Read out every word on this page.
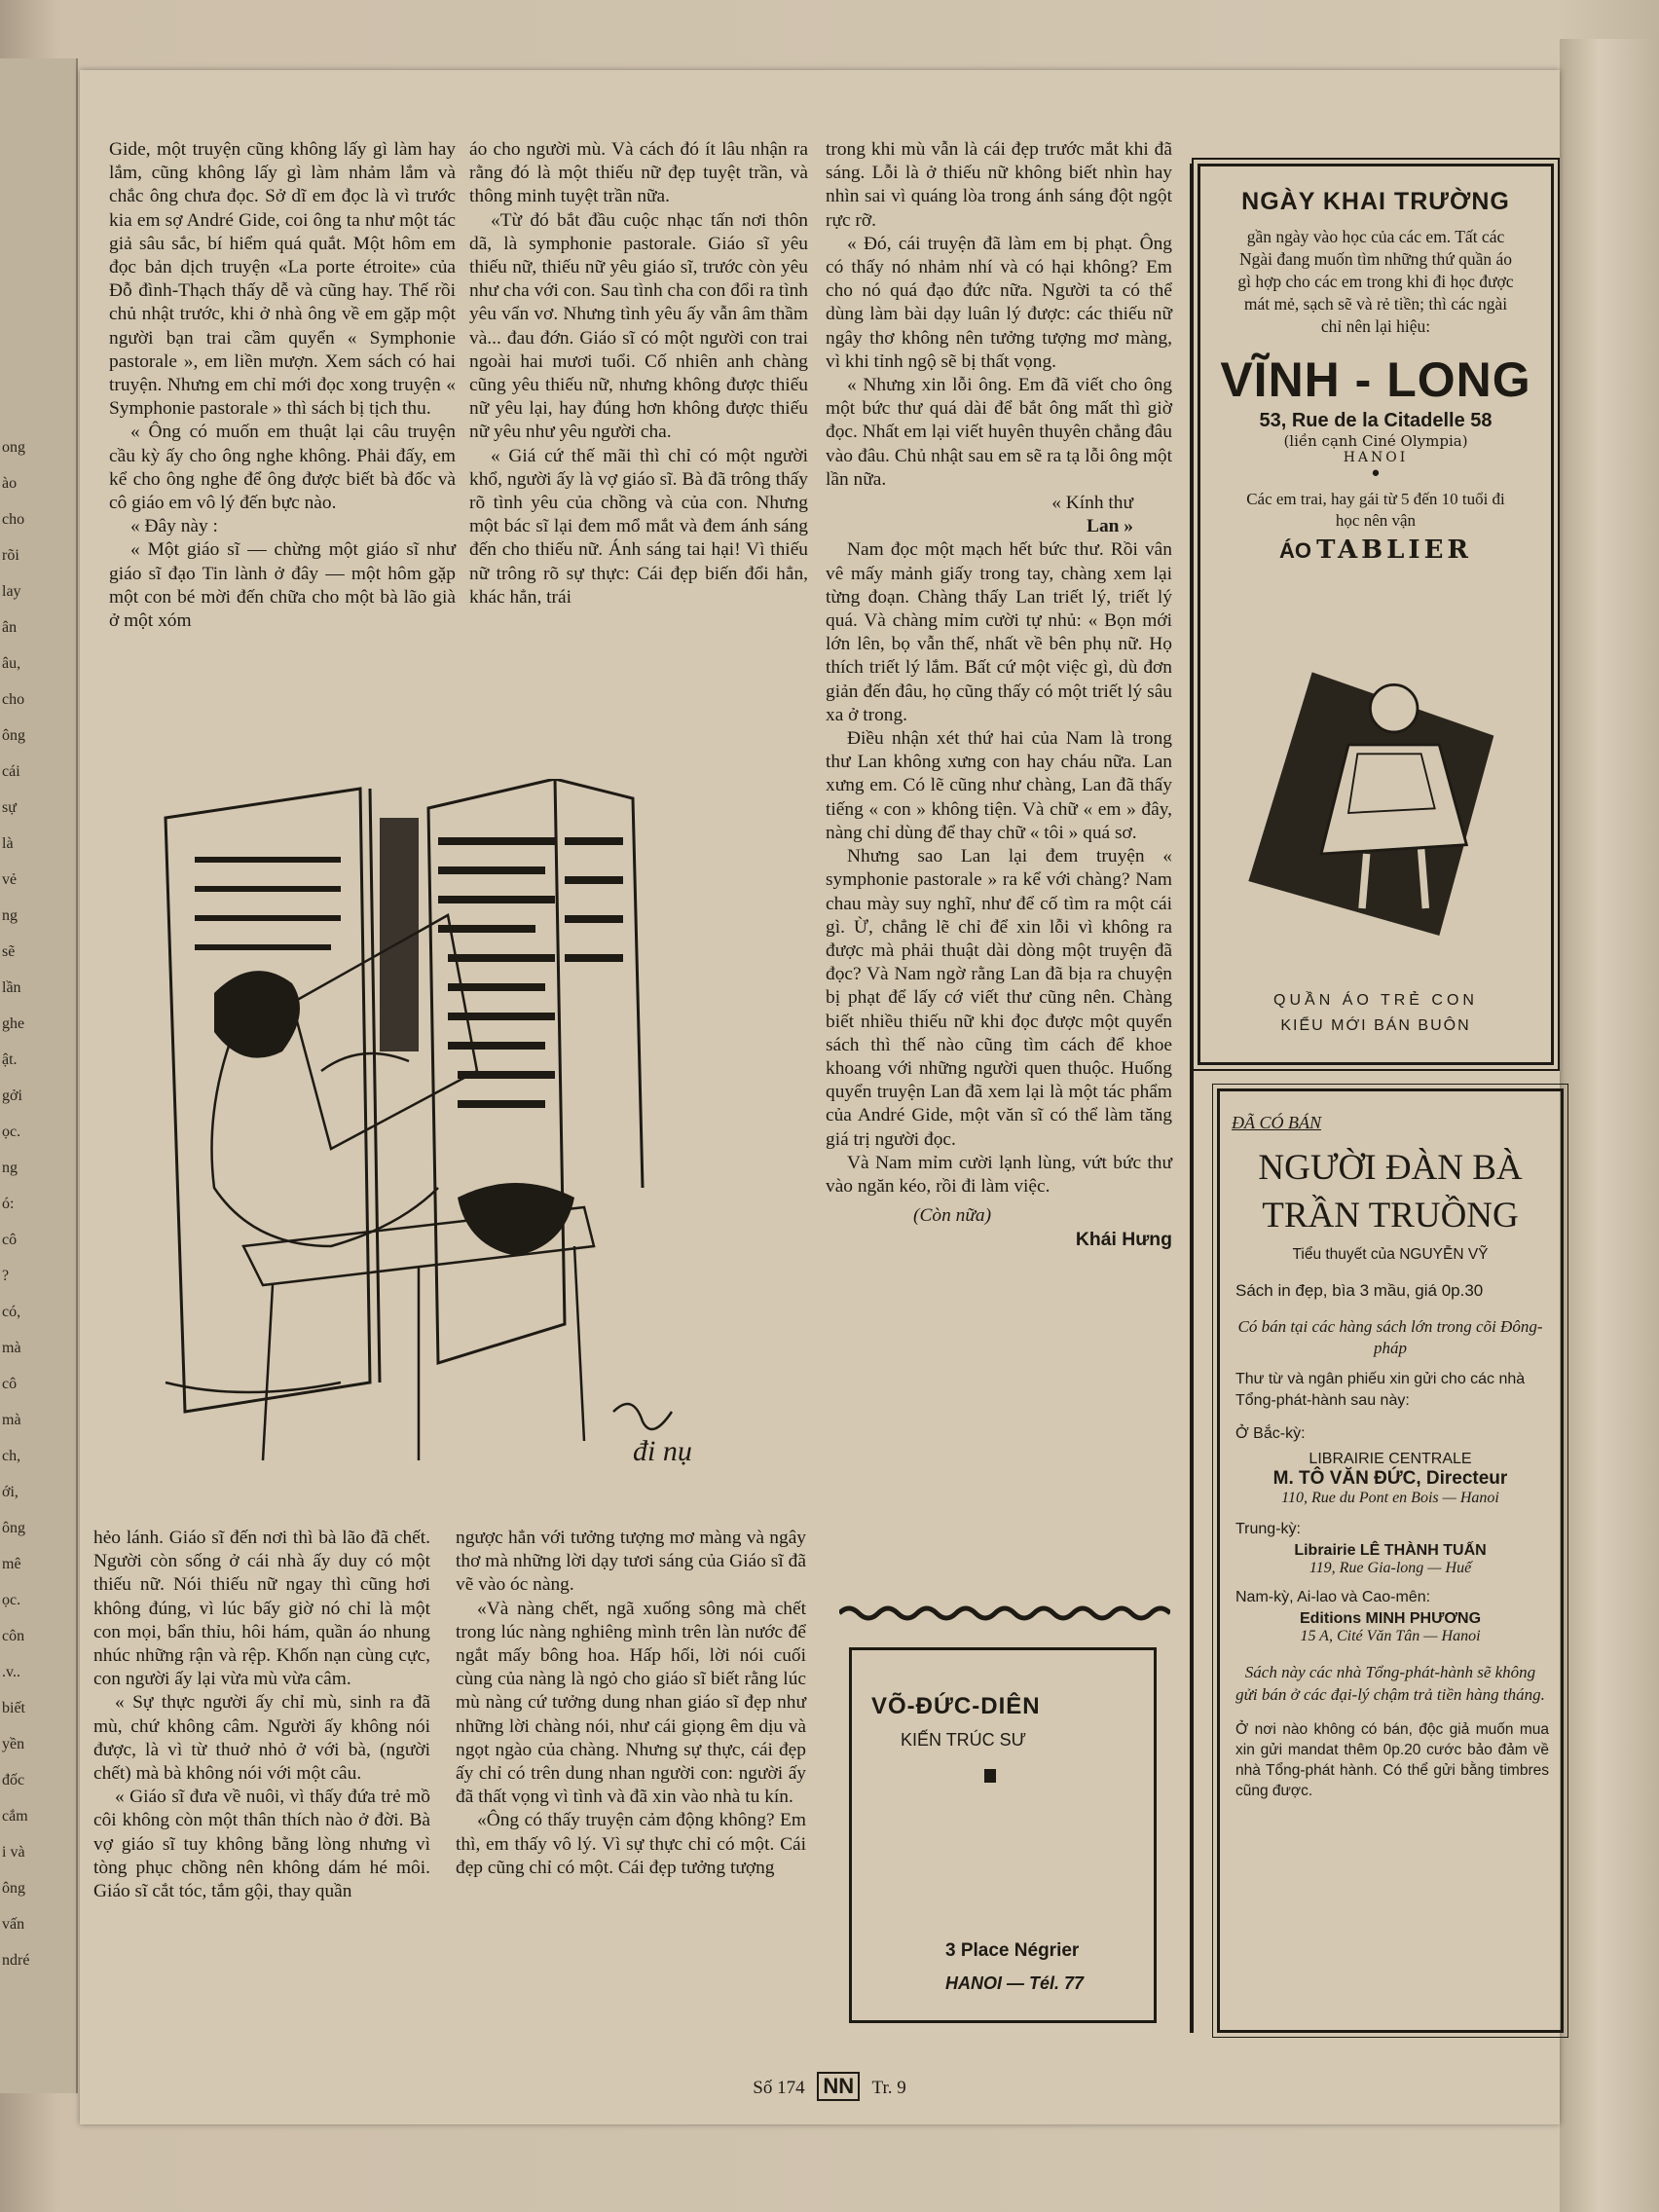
ong
ào
cho
rõi
lay
ân
âu,
cho
ông
cái
sự
là
vẻ
ng
sẽ
lần
ghe
ật.
gởi
ọc.
ng
ó:
cô
?
có,
mà
cô
mà
ch,
ới,
ông
mê
ọc.
côn
.v..
biết
yền
đốc
cắm
i và
ông
vấn
ndré

Gide, một truyện cũng không lấy gì làm hay lắm, cũng không lấy gì làm nhảm lắm và chắc ông chưa đọc. Sở dĩ em đọc là vì trước kia em sợ André Gide, coi ông ta như một tác giả sâu sắc, bí hiểm quá quắt. Một hôm em đọc bản dịch truyện «La porte étroite» của Đỗ đình-Thạch thấy dễ và cũng hay. Thế rồi chủ nhật trước, khi ở nhà ông về em gặp một người bạn trai cầm quyển « Symphonie pastorale », em liền mượn. Xem sách có hai truyện. Nhưng em chỉ mới đọc xong truyện « Symphonie pastorale » thì sách bị tịch thu.

« Ông có muốn em thuật lại câu truyện cầu kỳ ấy cho ông nghe không. Phải đấy, em kể cho ông nghe để ông được biết bà đốc và cô giáo em vô lý đến bực nào.

« Đây này :

« Một giáo sĩ — chừng một giáo sĩ như giáo sĩ đạo Tin lành ở đây — một hôm gặp một con bé mời đến chữa cho một bà lão già ở một xóm

áo cho người mù. Và cách đó ít lâu nhận ra rằng đó là một thiếu nữ đẹp tuyệt trần, và thông minh tuyệt trần nữa.

«Từ đó bắt đầu cuộc nhạc tấn nơi thôn dã, là symphonie pastorale. Giáo sĩ yêu thiếu nữ, thiếu nữ yêu giáo sĩ, trước còn yêu như cha với con. Sau tình cha con đổi ra tình yêu vẩn vơ. Nhưng tình yêu ấy vẫn âm thầm và... đau đớn. Giáo sĩ có một người con trai ngoài hai mươi tuổi. Cố nhiên anh chàng cũng yêu thiếu nữ, nhưng không được thiếu nữ yêu lại, hay đúng hơn không được thiếu nữ yêu như yêu người cha.

« Giá cứ thế mãi thì chỉ có một người khổ, người ấy là vợ giáo sĩ. Bà đã trông thấy rõ tình yêu của chồng và của con. Nhưng một bác sĩ lại đem mổ mắt và đem ánh sáng đến cho thiếu nữ. Ánh sáng tai hại! Vì thiếu nữ trông rõ sự thực: Cái đẹp biến đổi hẳn, khác hẳn, trái

trong khi mù vẫn là cái đẹp trước mắt khi đã sáng. Lỗi là ở thiếu nữ không biết nhìn hay nhìn sai vì quáng lòa trong ánh sáng đột ngột rực rỡ.

« Đó, cái truyện đã làm em bị phạt. Ông có thấy nó nhảm nhí và có hại không? Em cho nó quá đạo đức nữa. Người ta có thể dùng làm bài dạy luân lý được: các thiếu nữ ngây thơ không nên tưởng tượng mơ màng, vì khi tỉnh ngộ sẽ bị thất vọng.

« Nhưng xin lỗi ông. Em đã viết cho ông một bức thư quá dài để bắt ông mất thì giờ đọc. Nhất em lại viết huyên thuyên chẳng đâu vào đâu. Chủ nhật sau em sẽ ra tạ lỗi ông một lần nữa.

« Kính thư

Lan »

Nam đọc một mạch hết bức thư. Rồi vân vê mấy mảnh giấy trong tay, chàng xem lại từng đoạn. Chàng thấy Lan triết lý, triết lý quá. Và chàng mỉm cười tự nhủ: « Bọn mới lớn lên, bọ vẫn thế, nhất về bên phụ nữ. Họ thích triết lý lắm. Bất cứ một việc gì, dù đơn giản đến đâu, họ cũng thấy có một triết lý sâu xa ở trong.

Điều nhận xét thứ hai của Nam là trong thư Lan không xưng con hay cháu nữa. Lan xưng em. Có lẽ cũng như chàng, Lan đã thấy tiếng « con » không tiện. Và chữ « em » đây, nàng chỉ dùng để thay chữ « tôi » quá sơ.

Nhưng sao Lan lại đem truyện « symphonie pastorale » ra kể với chàng? Nam chau mày suy nghĩ, như để cố tìm ra một cái gì. Ừ, chẳng lẽ chỉ để xin lỗi vì không ra được mà phải thuật dài dòng một truyện đã đọc? Và Nam ngờ rằng Lan đã bịa ra chuyện bị phạt để lấy cớ viết thư cũng nên. Chàng biết nhiều thiếu nữ khi đọc được một quyển sách thì thế nào cũng tìm cách để khoe khoang với những người quen thuộc. Huống quyển truyện Lan đã xem lại là một tác phẩm của André Gide, một văn sĩ có thể làm tăng giá trị người đọc.

Và Nam mỉm cười lạnh lùng, vứt bức thư vào ngăn kéo, rồi đi làm việc.

(Còn nữa)

Khái Hưng

đi nụ

hẻo lánh. Giáo sĩ đến nơi thì bà lão đã chết. Người còn sống ở cái nhà ấy duy có một thiếu nữ. Nói thiếu nữ ngay thì cũng hơi không đúng, vì lúc bấy giờ nó chỉ là một con mọi, bẩn thỉu, hôi hám, quần áo nhung nhúc những rận và rệp. Khốn nạn cùng cực, con người ấy lại vừa mù vừa câm.

« Sự thực người ấy chỉ mù, sinh ra đã mù, chứ không câm. Người ấy không nói được, là vì từ thuở nhỏ ở với bà, (người chết) mà bà không nói với một câu.

« Giáo sĩ đưa về nuôi, vì thấy đứa trẻ mồ côi không còn một thân thích nào ở đời. Bà vợ giáo sĩ tuy không bằng lòng nhưng vì tòng phục chồng nên không dám hé môi. Giáo sĩ cắt tóc, tắm gội, thay quần

ngược hẳn với tưởng tượng mơ màng và ngây thơ mà những lời dạy tươi sáng của Giáo sĩ đã vẽ vào óc nàng.

«Và nàng chết, ngã xuống sông mà chết trong lúc nàng nghiêng mình trên làn nước để ngắt mấy bông hoa. Hấp hối, lời nói cuối cùng của nàng là ngỏ cho giáo sĩ biết rằng lúc mù nàng cứ tưởng dung nhan giáo sĩ đẹp như những lời chàng nói, như cái giọng êm dịu và ngọt ngào của chàng. Nhưng sự thực, cái đẹp ấy chỉ có trên dung nhan người con: người ấy đã thất vọng vì tình và đã xin vào nhà tu kín.

«Ông có thấy truyện cảm động không? Em thì, em thấy vô lý. Vì sự thực chỉ có một. Cái đẹp cũng chỉ có một. Cái đẹp tưởng tượng

NGÀY KHAI TRƯỜNG
gần ngày vào học của các em. Tất các Ngài đang muốn tìm những thứ quần áo gì hợp cho các em trong khi đi học được mát mẻ, sạch sẽ và rẻ tiền; thì các ngài chỉ nên lại hiệu:
VĨNH - LONG
53, Rue de la Citadelle 58
(liền cạnh Ciné Olympia)
HANOI
•
Các em trai, hay gái từ 5 đến 10 tuổi đi học nên vận
ÁO TABLIER
QUẦN ÁO TRẺ CON
KIỂU MỚI BÁN BUÔN
ĐÃ CÓ BÁN
NGƯỜI ĐÀN BÀ
TRẦN TRUỒNG
Tiểu thuyết của NGUYỄN VỸ
Sách in đẹp, bìa 3 mầu, giá 0p.30
Có bán tại các hàng sách lớn trong cõi Đông-pháp
Thư từ và ngân phiếu xin gửi cho các nhà Tổng-phát-hành sau này:
Ở Bắc-kỳ:
LIBRAIRIE CENTRALE
M. TÔ VĂN ĐỨC, Directeur
110, Rue du Pont en Bois — Hanoi
Trung-kỳ:
Librairie LÊ THÀNH TUẤN
119, Rue Gia-long — Huế
Nam-kỳ, Ai-lao và Cao-mên:
Editions MINH PHƯƠNG
15 A, Cité Văn Tân — Hanoi
Sách này các nhà Tổng-phát-hành sẽ không gửi bán ở các đại-lý chậm trả tiền hàng tháng.
Ở nơi nào không có bán, độc giả muốn mua xin gửi mandat thêm 0p.20 cước bảo đảm về nhà Tổng-phát hành. Có thể gửi bằng timbres cũng được.
VÕ-ĐỨC-DIÊN
KIẾN TRÚC SƯ
3 Place Négrier
HANOI — Tél. 77
Số 174 NN Tr. 9
